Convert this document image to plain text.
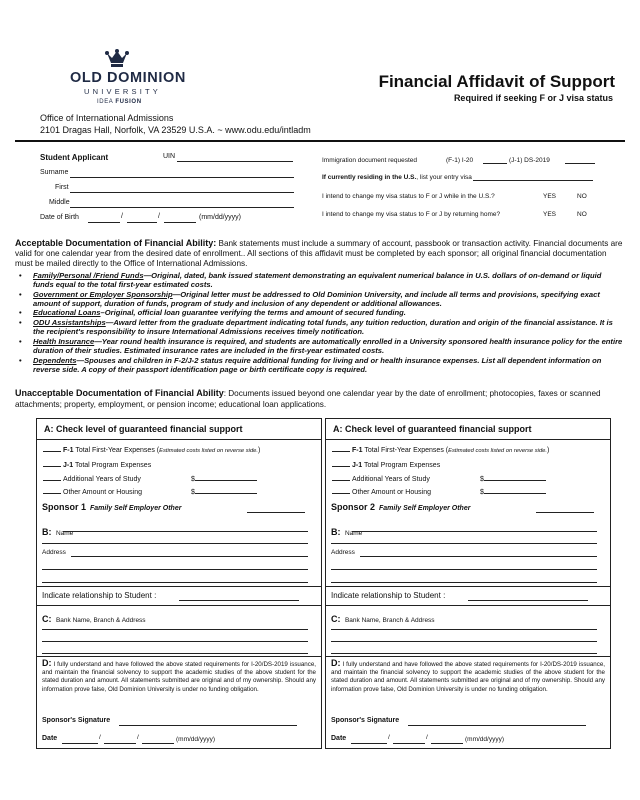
OLD DOMINION
UNIVERSITY
IDEA FUSION
Financial Affidavit of Support
Required if seeking F or J visa status
Office of International Admissions
2101 Dragas Hall, Norfolk, VA 23529 U.S.A. ~ www.odu.edu/intladm
Student Applicant	UIN
Surname
First
Middle
Date of Birth	/	/	(mm/dd/yyyy)
Immigration document requested	(F-1) I-20	(J-1) DS-2019
If currently residing in the U.S., list your entry visa
I intend to change my visa status to F or J while in the U.S.?	YES	NO
I intend to change my visa status to F or J by returning home?	YES	NO
Acceptable Documentation of Financial Ability: Bank statements must include a summary of account, passbook or transaction activity. Financial documents are valid for one calendar year from the desired date of enrollment.. All sections of this affidavit must be completed by each sponsor; all original financial documentation must be mailed directly to the Office of International Admissions.
• Family/Personal /Friend Funds—Original, dated, bank issued statement demonstrating an equivalent numerical balance in U.S. dollars of on-demand or liquid funds equal to the total first-year estimated costs.
• Government or Employer Sponsorship—Original letter must be addressed to Old Dominion University, and include all terms and provisions, specifying exact amount of support, duration of funds, program of study and inclusion of any dependent or additional allowances.
• Educational Loans–Original, official loan guarantee verifying the terms and amount of secured funding.
• ODU Assistantships—Award letter from the graduate department indicating total funds, any tuition reduction, duration and origin of the financial assistance. It is the recipient's responsibility to insure International Admissions receives timely notification.
• Health Insurance—Year round health insurance is required, and students are automatically enrolled in a University sponsored health insurance policy for the entire duration of their studies. Estimated insurance rates are included in the first-year estimated costs.
• Dependents—Spouses and children in F-2/J-2 status require additional funding for living and or health insurance expenses. List all dependent information on reverse side. A copy of their passport identification page or birth certificate copy is required.
Unacceptable Documentation of Financial Ability: Documents issued beyond one calendar year by the date of enrollment; photocopies, faxes or scanned attachments; property, employment, or pension income; educational loan applications.
A: Check level of guaranteed financial support
F-1 Total First-Year Expenses (Estimated costs listed on reverse side.)
J-1 Total Program Expenses
Additional Years of Study	$
Other Amount or Housing	$
Sponsor 1 Family Self Employer Other
B: Name
Address
Indicate relationship to Student :
C: Bank Name, Branch & Address
D: I fully understand and have followed the above stated requirements for I-20/DS-2019 issuance, and maintain the financial solvency to support the academic studies of the above student for the stated duration and amount. All statements submitted are original and of my ownership. Should any information prove false, Old Dominion University is under no funding obligation.
Sponsor's Signature
Date	/	/	(mm/dd/yyyy)
A: Check level of guaranteed financial support
F-1 Total First-Year Expenses (Estimated costs listed on reverse side.)
J-1 Total Program Expenses
Additional Years of Study	$
Other Amount or Housing	$
Sponsor 2 Family Self Employer Other
B: Name
Address
Indicate relationship to Student :
C: Bank Name, Branch & Address
D: I fully understand and have followed the above stated requirements for I-20/DS-2019 issuance, and maintain the financial solvency to support the academic studies of the above student for the stated duration and amount. All statements submitted are original and of my ownership. Should any information prove false, Old Dominion University is under no funding obligation.
Sponsor's Signature
Date	/	/	(mm/dd/yyyy)
